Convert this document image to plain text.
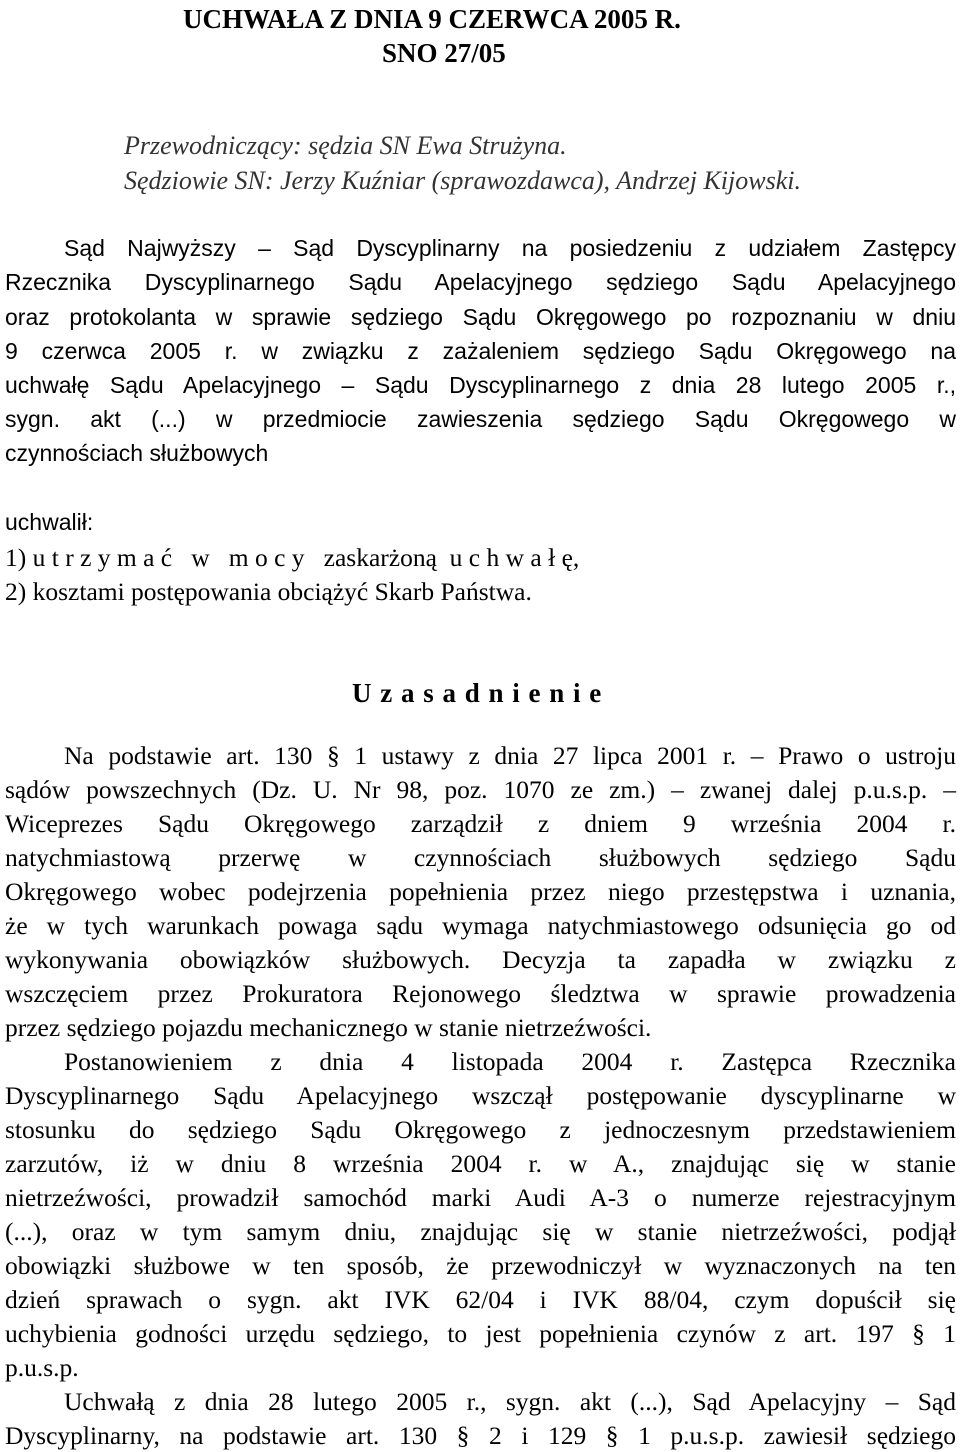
UCHWAŁA Z DNIA 9 CZERWCA 2005 R.
SNO 27/05
Przewodniczący: sędzia SN Ewa Strużyna.
Sędziowie SN: Jerzy Kuźniar (sprawozdawca), Andrzej Kijowski.
Sąd Najwyższy – Sąd Dyscyplinarny na posiedzeniu z udziałem Zastępcy
Rzecznika Dyscyplinarnego Sądu Apelacyjnego sędziego Sądu Apelacyjnego
oraz protokolanta w sprawie sędziego Sądu Okręgowego po rozpoznaniu w dniu
9 czerwca 2005 r. w związku z zażaleniem sędziego Sądu Okręgowego na
uchwałę Sądu Apelacyjnego – Sądu Dyscyplinarnego z dnia 28 lutego 2005 r.,
sygn. akt (...) w przedmiocie zawieszenia sędziego Sądu Okręgowego w
czynnościach służbowych
uchwalił:
1) u t r z y m a ć   w   m o c y   zaskarżoną  u c h w a ł ę,
2) kosztami postępowania obciążyć Skarb Państwa.
U z a s a d n i e n i e
Na podstawie art. 130 § 1 ustawy z dnia 27 lipca 2001 r. – Prawo o ustroju
sądów powszechnych (Dz. U. Nr 98, poz. 1070 ze zm.) – zwanej dalej p.u.s.p. –
Wiceprezes Sądu Okręgowego zarządził z dniem 9 września 2004 r.
natychmiastową przerwę w czynnościach służbowych sędziego Sądu
Okręgowego wobec podejrzenia popełnienia przez niego przestępstwa i uznania,
że w tych warunkach powaga sądu wymaga natychmiastowego odsunięcia go od
wykonywania obowiązków służbowych. Decyzja ta zapadła w związku z
wszczęciem przez Prokuratora Rejonowego śledztwa w sprawie prowadzenia
przez sędziego pojazdu mechanicznego w stanie nietrzeźwości.
Postanowieniem z dnia 4 listopada 2004 r. Zastępca Rzecznika
Dyscyplinarnego Sądu Apelacyjnego wszczął postępowanie dyscyplinarne w
stosunku do sędziego Sądu Okręgowego z jednoczesnym przedstawieniem
zarzutów, iż w dniu 8 września 2004 r. w A., znajdując się w stanie
nietrzeźwości, prowadził samochód marki Audi A-3 o numerze rejestracyjnym
(...), oraz w tym samym dniu, znajdując się w stanie nietrzeźwości, podjął
obowiązki służbowe w ten sposób, że przewodniczył w wyznaczonych na ten
dzień sprawach o sygn. akt IVK 62/04 i IVK 88/04, czym dopuścił się
uchybienia godności urzędu sędziego, to jest popełnienia czynów z art. 197 § 1
p.u.s.p.
Uchwałą z dnia 28 lutego 2005 r., sygn. akt (...), Sąd Apelacyjny – Sąd
Dyscyplinarny, na podstawie art. 130 § 2 i 129 § 1 p.u.s.p. zawiesił sędziego
